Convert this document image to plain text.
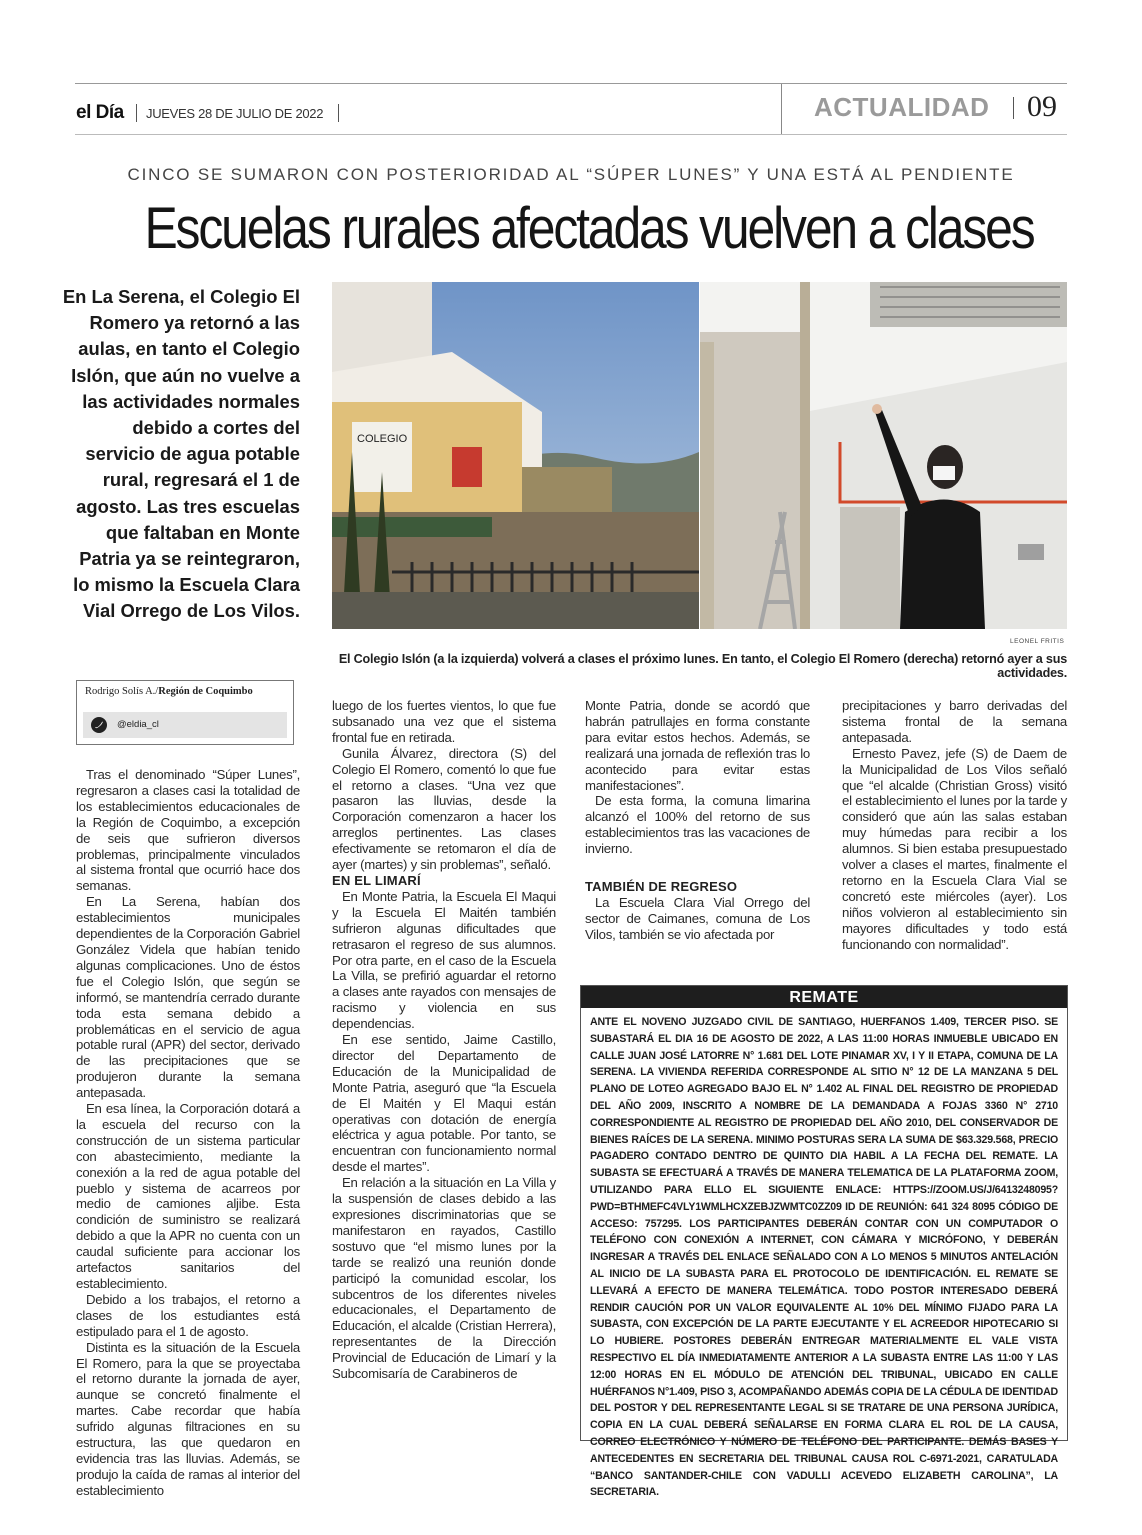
el Día JUEVES 28 DE JULIO DE 2022	ACTUALIDAD 09
CINCO SE SUMARON CON POSTERIORIDAD AL “SÚPER LUNES” Y UNA ESTÁ AL PENDIENTE
Escuelas rurales afectadas vuelven a clases
En La Serena, el Colegio El Romero ya retornó a las aulas, en tanto el Colegio Islón, que aún no vuelve a las actividades normales debido a cortes del servicio de agua potable rural, regresará el 1 de agosto. Las tres escuelas que faltaban en Monte Patria ya se reintegraron, lo mismo la Escuela Clara Vial Orrego de Los Vilos.
COLEGIO
LEONEL FRITIS
El Colegio Islón (a la izquierda) volverá a clases el próximo lunes. En tanto, el Colegio El Romero (derecha) retornó ayer a sus actividades.
Rodrigo Solís A./Región de Coquimbo
@eldia_cl

Tras el denominado “Súper Lunes”, regresaron a clases casi la totalidad de los establecimientos educacionales de la Región de Coquimbo, a excepción de seis que sufrieron diversos problemas, principalmente vinculados al sistema frontal que ocurrió hace dos semanas.

En La Serena, habían dos establecimientos municipales dependientes de la Corporación Gabriel González Videla que habían tenido algunas complicaciones. Uno de éstos fue el Colegio Islón, que según se informó, se mantendría cerrado durante toda esta semana debido a problemáticas en el servicio de agua potable rural (APR) del sector, derivado de las precipitaciones que se produjeron durante la semana antepasada.

En esa línea, la Corporación dotará a la escuela del recurso con la construcción de un sistema particular con abastecimiento, mediante la conexión a la red de agua potable del pueblo y sistema de acarreos por medio de camiones aljibe. Esta condición de suministro se realizará debido a que la APR no cuenta con un caudal suficiente para accionar los artefactos sanitarios del establecimiento.

Debido a los trabajos, el retorno a clases de los estudiantes está estipulado para el 1 de agosto.

Distinta es la situación de la Escuela El Romero, para la que se proyectaba el retorno durante la jornada de ayer, aunque se concretó finalmente el martes. Cabe recordar que había sufrido algunas filtraciones en su estructura, las que quedaron en evidencia tras las lluvias. Además, se produjo la caída de ramas al interior del establecimiento

luego de los fuertes vientos, lo que fue subsanado una vez que el sistema frontal fue en retirada.

Gunila Álvarez, directora (S) del Colegio El Romero, comentó lo que fue el retorno a clases. “Una vez que pasaron las lluvias, desde la Corporación comenzaron a hacer los arreglos pertinentes. Las clases efectivamente se retomaron el día de ayer (martes) y sin problemas”, señaló.

EN EL LIMARÍ

En Monte Patria, la Escuela El Maqui y la Escuela El Maitén también sufrieron algunas dificultades que retrasaron el regreso de sus alumnos. Por otra parte, en el caso de la Escuela La Villa, se prefirió aguardar el retorno a clases ante rayados con mensajes de racismo y violencia en sus dependencias.

En ese sentido, Jaime Castillo, director del Departamento de Educación de la Municipalidad de Monte Patria, aseguró que “la Escuela de El Maitén y El Maqui están operativas con dotación de energía eléctrica y agua potable. Por tanto, se encuentran con funcionamiento normal desde el martes”.

En relación a la situación en La Villa y la suspensión de clases debido a las expresiones discriminatorias que se manifestaron en rayados, Castillo sostuvo que “el mismo lunes por la tarde se realizó una reunión donde participó la comunidad escolar, los subcentros de los diferentes niveles educacionales, el Departamento de Educación, el alcalde (Cristian Herrera), representantes de la Dirección Provincial de Educación de Limarí y la Subcomisaría de Carabineros de

Monte Patria, donde se acordó que habrán patrullajes en forma constante para evitar estos hechos. Además, se realizará una jornada de reflexión tras lo acontecido para evitar estas manifestaciones”.

De esta forma, la comuna limarina alcanzó el 100% del retorno de sus establecimientos tras las vacaciones de invierno.

TAMBIÉN DE REGRESO

La Escuela Clara Vial Orrego del sector de Caimanes, comuna de Los Vilos, también se vio afectada por

precipitaciones y barro derivadas del sistema frontal de la semana antepasada.

Ernesto Pavez, jefe (S) de Daem de la Municipalidad de Los Vilos señaló que “el alcalde (Christian Gross) visitó el establecimiento el lunes por la tarde y consideró que aún las salas estaban muy húmedas para recibir a los alumnos. Si bien estaba presupuestado volver a clases el martes, finalmente el retorno en la Escuela Clara Vial se concretó este miércoles (ayer). Los niños volvieron al establecimiento sin mayores dificultades y todo está funcionando con normalidad”.

REMATE
ANTE EL NOVENO JUZGADO CIVIL DE SANTIAGO, HUERFANOS 1.409, TERCER PISO. SE SUBASTARÁ EL DIA 16 DE AGOSTO DE 2022, A LAS 11:00 HORAS INMUEBLE UBICADO EN CALLE JUAN JOSÉ LATORRE N° 1.681 DEL LOTE PINAMAR XV, I Y II ETAPA, COMUNA DE LA SERENA. LA VIVIENDA REFERIDA CORRESPONDE AL SITIO N° 12 DE LA MANZANA 5 DEL PLANO DE LOTEO AGREGADO BAJO EL N° 1.402 AL FINAL DEL REGISTRO DE PROPIEDAD DEL AÑO 2009, INSCRITO A NOMBRE DE LA DEMANDADA A FOJAS 3360 N° 2710 CORRESPONDIENTE AL REGISTRO DE PROPIEDAD DEL AÑO 2010, DEL CONSERVADOR DE BIENES RAÍCES DE LA SERENA. MINIMO POSTURAS SERA LA SUMA DE $63.329.568, PRECIO PAGADERO CONTADO DENTRO DE QUINTO DIA HABIL A LA FECHA DEL REMATE. LA SUBASTA SE EFECTUARÁ A TRAVÉS DE MANERA TELEMATICA DE LA PLATAFORMA ZOOM, UTILIZANDO PARA ELLO EL SIGUIENTE ENLACE: HTTPS://ZOOM.US/J/6413248095? PWD=BTHMEFC4VLY1WMLHCXZEBJZWMTC0ZZ09 ID DE REUNIÓN: 641 324 8095 CÓDIGO DE ACCESO: 757295. LOS PARTICIPANTES DEBERÁN CONTAR CON UN COMPUTADOR O TELÉFONO CON CONEXIÓN A INTERNET, CON CÁMARA Y MICRÓFONO, Y DEBERÁN INGRESAR A TRAVÉS DEL ENLACE SEÑALADO CON A LO MENOS 5 MINUTOS ANTELACIÓN AL INICIO DE LA SUBASTA PARA EL PROTOCOLO DE IDENTIFICACIÓN. EL REMATE SE LLEVARÁ A EFECTO DE MANERA TELEMÁTICA. TODO POSTOR INTERESADO DEBERÁ RENDIR CAUCIÓN POR UN VALOR EQUIVALENTE AL 10% DEL MÍNIMO FIJADO PARA LA SUBASTA, CON EXCEPCIÓN DE LA PARTE EJECUTANTE Y EL ACREEDOR HIPOTECARIO SI LO HUBIERE. POSTORES DEBERÁN ENTREGAR MATERIALMENTE EL VALE VISTA RESPECTIVO EL DÍA INMEDIATAMENTE ANTERIOR A LA SUBASTA ENTRE LAS 11:00 Y LAS 12:00 HORAS EN EL MÓDULO DE ATENCIÓN DEL TRIBUNAL, UBICADO EN CALLE HUÉRFANOS N°1.409, PISO 3, ACOMPAÑANDO ADEMÁS COPIA DE LA CÉDULA DE IDENTIDAD DEL POSTOR Y DEL REPRESENTANTE LEGAL SI SE TRATARE DE UNA PERSONA JURÍDICA, COPIA EN LA CUAL DEBERÁ SEÑALARSE EN FORMA CLARA EL ROL DE LA CAUSA, CORREO ELECTRÓNICO Y NÚMERO DE TELÉFONO DEL PARTICIPANTE. DEMÁS BASES Y ANTECEDENTES EN SECRETARIA DEL TRIBUNAL CAUSA ROL C-6971-2021, CARATULADA “BANCO SANTANDER-CHILE CON VADULLI ACEVEDO ELIZABETH CAROLINA”, LA SECRETARIA.
